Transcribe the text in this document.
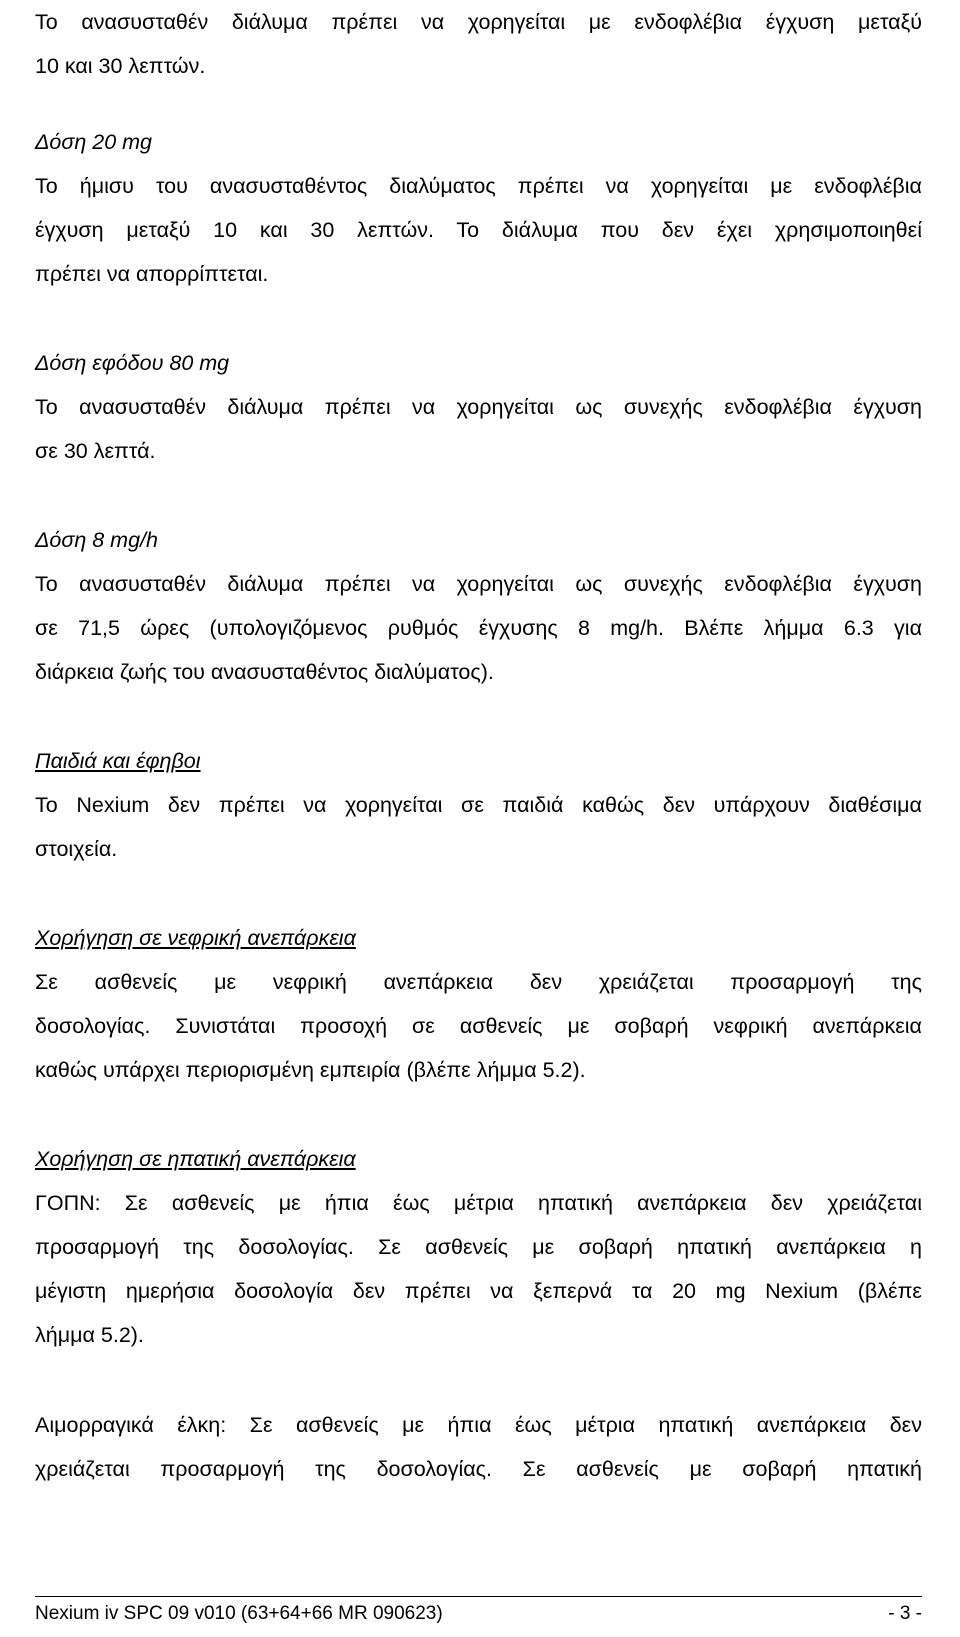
Το ανασυσταθέν διάλυμα πρέπει να χορηγείται με ενδοφλέβια έγχυση μεταξύ
10 και 30 λεπτών.
Δόση 20 mg
Το ήμισυ του ανασυσταθέντος διαλύματος πρέπει να χορηγείται με ενδοφλέβια
έγχυση μεταξύ 10 και 30 λεπτών. Το διάλυμα που δεν έχει χρησιμοποιηθεί
πρέπει να απορρίπτεται.
Δόση εφόδου 80 mg
Το ανασυσταθέν διάλυμα πρέπει να χορηγείται ως συνεχής ενδοφλέβια έγχυση
σε 30 λεπτά.
Δόση 8 mg/h
Το ανασυσταθέν διάλυμα πρέπει να χορηγείται ως συνεχής ενδοφλέβια έγχυση
σε 71,5 ώρες (υπολογιζόμενος ρυθμός έγχυσης 8 mg/h. Βλέπε λήμμα 6.3 για
διάρκεια ζωής του ανασυσταθέντος διαλύματος).
Παιδιά και έφηβοι
Το Nexium δεν πρέπει να χορηγείται σε παιδιά καθώς δεν υπάρχουν διαθέσιμα
στοιχεία.
Χορήγηση σε νεφρική ανεπάρκεια
Σε ασθενείς με νεφρική ανεπάρκεια δεν χρειάζεται προσαρμογή της
δοσολογίας. Συνιστάται προσοχή σε ασθενείς με σοβαρή νεφρική ανεπάρκεια
καθώς υπάρχει περιορισμένη εμπειρία (βλέπε λήμμα 5.2).
Χορήγηση σε ηπατική ανεπάρκεια
ΓΟΠΝ: Σε ασθενείς με ήπια έως μέτρια ηπατική ανεπάρκεια δεν χρειάζεται
προσαρμογή της δοσολογίας. Σε ασθενείς με σοβαρή ηπατική ανεπάρκεια η
μέγιστη ημερήσια δοσολογία δεν πρέπει να ξεπερνά τα 20 mg Nexium (βλέπε
λήμμα 5.2).
Αιμορραγικά έλκη: Σε ασθενείς με ήπια έως μέτρια ηπατική ανεπάρκεια δεν
χρειάζεται προσαρμογή της δοσολογίας. Σε ασθενείς με σοβαρή ηπατική
Nexium iv SPC 09 v010 (63+64+66 MR 090623)	- 3 -
